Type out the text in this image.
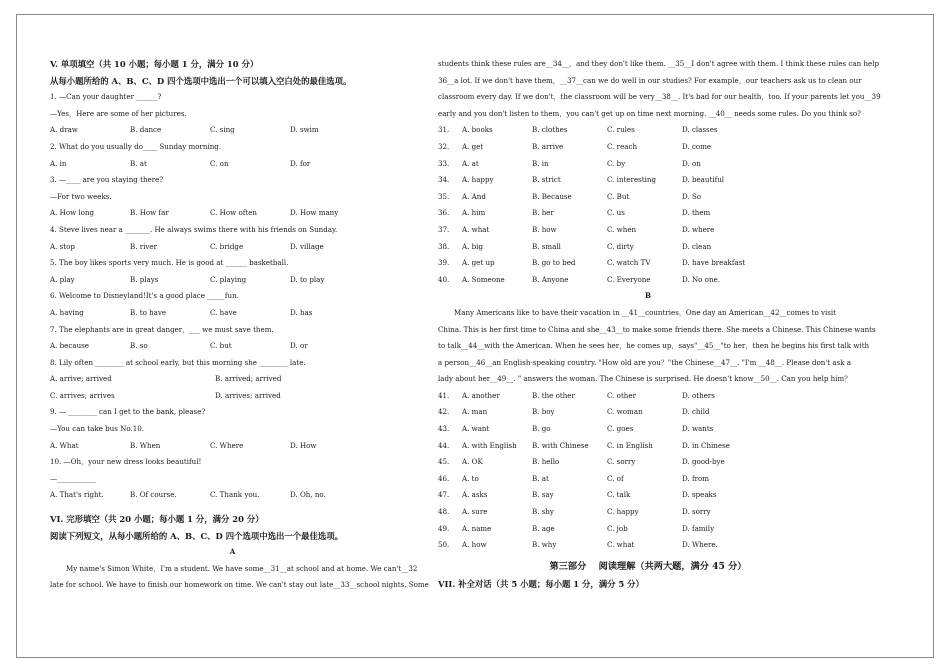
V. 单项填空（共 10 小题；每小题 1 分，满分 10 分）
从每小题所给的 A、B、C、D 四个选项中选出一个可以填入空白处的最佳选项。
1. —Can your daughter ______?
—Yes，Here are some of her pictures.
A. draw	B. dance	C. sing	D. swim
2. What do you usually do____ Sunday morning.
A. in	B. at	C. on	D. for
3. —____ are you staying there?
—For two weeks.
A. How long	B. How far	C. How often	D. How many
4. Steve lives near a _______. He always swims there with his friends on Sunday.
A. stop	B. river	C. bridge	D. village
5. The boy likes sports very much. He is good at ______ basketball.
A. play	B. plays	C. playing	D. to play
6. Welcome to Disneyland!It's a good place _____fun.
A. having	B. to have	C. have	D. has
7. The elephants are in great danger，___ we must save them.
A. because	B. so	C. but	D. or
8. Lily often ________ at school early, but this morning she ________ late.
A. arrive; arrived	B. arrived; arrived
C. arrives; arrives	D. arrives; arrived
9. — ________ can I get to the bank, please?
—You can take bus No.10.
A. What	B. When	C. Where	D. How
10. —Oh，your new dress looks beautiful!
—___________
A. That's right.	B. Of course.	C. Thank you.	D. Oh, no.
VI. 完形填空（共 20 小题；每小题 1 分，满分 20 分）
阅读下列短文，从每小题所给的 A、B、C、D 四个选项中选出一个最佳选项。
A
My name's Simon White，I'm a student. We have some__31__at school and at home. We can't__32
late for school. We have to finish our homework on time. We can't stay out late__33__school nights. Some
students think these rules are__34__，and they don't like them. __35__I don't agree with them. I think these rules can help
36__a lot. If we don't have them，__37__can we do well in our studies? For example，our teachers ask us to clean our
classroom every day. If we don't，the classroom will be very__38__. It's bad for our health，too. If your parents let you__39
early and you don't listen to them，you can't get up on time next morning. __40__ needs some rules. Do you think so?
31.	A. books	B. clothes	C. rules	D. classes
32.	A. get	B. arrive	C. reach	D. come
33.	A. at	B. in	C. by	D. on
34.	A. happy	B. strict	C. interesting	D. beautiful
35.	A. And	B. Because	C. But	D. So
36.	A. him	B. her	C. us	D. them
37.	A. what	B. how	C. when	D. where
38.	A. big	B. small	C. dirty	D. clean
39.	A. get up	B. go to bed	C. watch TV	D. have breakfast
40.	A. Someone	B. Anyone	C. Everyone	D. No one.
B
Many Americans like to have their vacation in __41__countries，One day an American__42__comes to visit
China. This is her first time to China and she__43__to make some friends there. She meets a Chinese. This Chinese wants
to talk__44__with the American. When he sees her，he comes up，says"__45__"to her，then he begins his first talk with
a person__46__an English-speaking country. "How old are you？"the Chinese__47__. "I'm __48__. Please don't ask a
lady about her__49__. " answers the woman. The Chinese is surprised. He doesn't know__50__. Can you help him？
41.	A. another	B. the other	C. other	D. others
42.	A. man	B. boy	C. woman	D. child
43.	A. want	B. go	C. goes	D. wants
44.	A. with English	B. with Chinese	C. in English	D. in Chinese
45.	A. OK	B. hello	C. sorry	D. good-bye
46.	A. to	B. at	C. of	D. from
47.	A. asks	B. say	C. talk	D. speaks
48.	A. sure	B. shy	C. happy	D. sorry
49.	A. name	B. age	C. job	D. family
50.	A. how	B. why	C. what	D. Where.
第三部分　 阅读理解（共两大题，满分 45 分）
VII. 补全对话（共 5 小题；每小题 1 分，满分 5 分）
